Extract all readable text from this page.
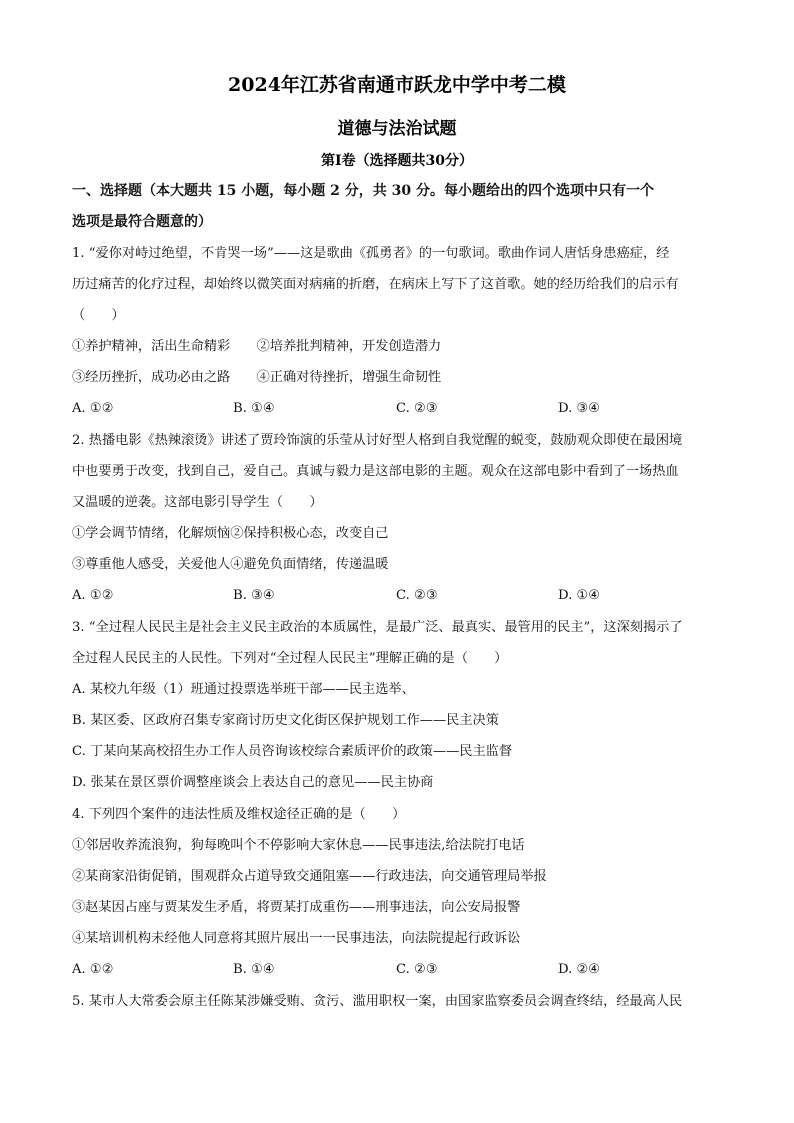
2024年江苏省南通市跃龙中学中考二模
道德与法治试题
第Ⅰ卷（选择题共30分）
一、选择题（本大题共 15 小题，每小题 2 分，共 30 分。每小题给出的四个选项中只有一个
选项是最符合题意的）
1. “爱你对峙过绝望，不肯哭一场”——这是歌曲《孤勇者》的一句歌词。歌曲作词人唐恬身患癌症，经
历过痛苦的化疗过程，却始终以微笑面对病痛的折磨，在病床上写下了这首歌。她的经历给我们的启示有
（　　）
①养护精神，活出生命精彩　　②培养批判精神，开发创造潜力
③经历挫折，成功必由之路　　④正确对待挫折，增强生命韧性
A. ①②	B. ①④	C. ②③	D. ③④
2. 热播电影《热辣滚烫》讲述了贾玲饰演的乐莹从讨好型人格到自我觉醒的蜕变，鼓励观众即使在最困境
中也要勇于改变，找到自己，爱自己。真诚与毅力是这部电影的主题。观众在这部电影中看到了一场热血
又温暖的逆袭。这部电影引导学生（　　）
①学会调节情绪，化解烦恼②保持积极心态，改变自己
③尊重他人感受，关爱他人④避免负面情绪，传递温暖
A. ①②	B. ③④	C. ②③	D. ①④
3. “全过程人民民主是社会主义民主政治的本质属性，是最广泛、最真实、最管用的民主”，这深刻揭示了
全过程人民民主的人民性。下列对“全过程人民民主”理解正确的是（　　）
A. 某校九年级（1）班通过投票选举班干部——民主选举、
B. 某区委、区政府召集专家商讨历史文化街区保护规划工作——民主决策
C. 丁某向某高校招生办工作人员咨询该校综合素质评价的政策——民主监督
D. 张某在景区票价调整座谈会上表达自己的意见——民主协商
4. 下列四个案件的违法性质及维权途径正确的是（　　）
①邻居收养流浪狗，狗每晚叫个不停影响大家休息——民事违法,给法院打电话
②某商家沿街促销，围观群众占道导致交通阻塞——行政违法，向交通管理局举报
③赵某因占座与贾某发生矛盾，将贾某打成重伤——刑事违法，向公安局报警
④某培训机构未经他人同意将其照片展出一一民事违法，向法院提起行政诉讼
A. ①②	B. ①④	C. ②③	D. ②④
5. 某市人大常委会原主任陈某涉嫌受贿、贪污、滥用职权一案，由国家监察委员会调查终结，经最高人民
